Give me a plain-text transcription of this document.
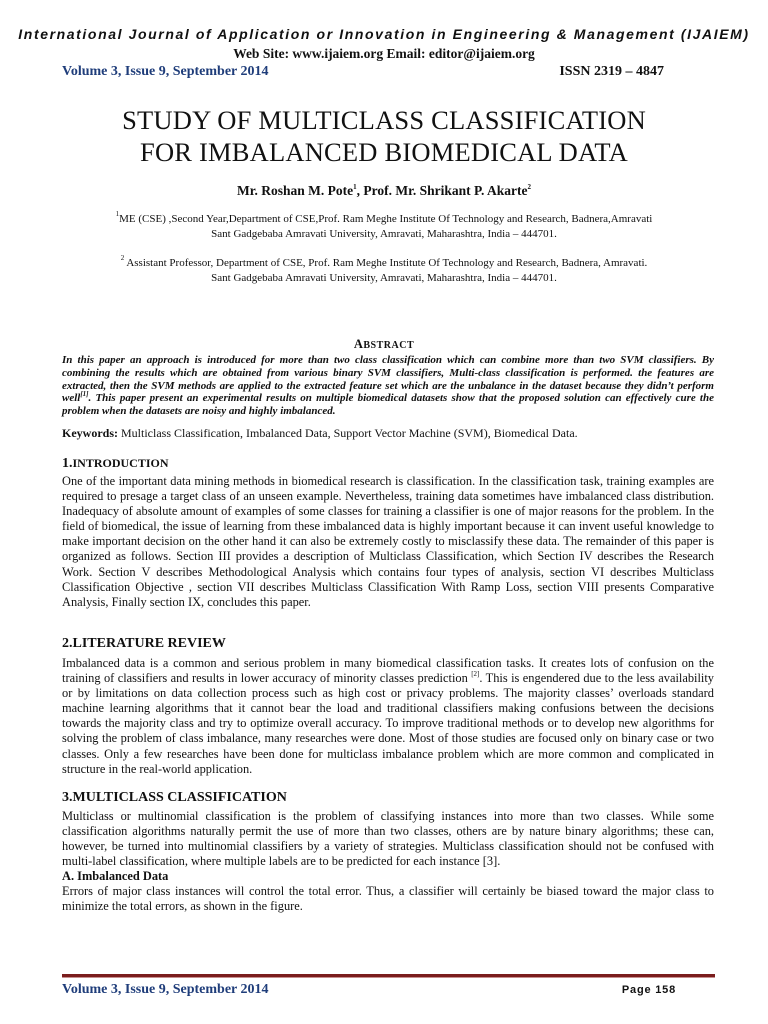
International Journal of Application or Innovation in Engineering & Management (IJAIEM)
Web Site: www.ijaiem.org Email: editor@ijaiem.org
Volume 3, Issue 9, September 2014	ISSN 2319 – 4847
STUDY OF MULTICLASS CLASSIFICATION
FOR IMBALANCED BIOMEDICAL DATA
Mr. Roshan M. Pote$^1$, Prof. Mr. Shrikant P. Akarte$^2$
$^1$ME (CSE) ,Second Year,Department of CSE,Prof. Ram Meghe Institute Of Technology and Research, Badnera,Amravati
Sant Gadgebaba Amravati University, Amravati, Maharashtra, India – 444701.
$^2$ Assistant Professor, Department of CSE, Prof. Ram Meghe Institute Of Technology and Research, Badnera, Amravati.
Sant Gadgebaba Amravati University, Amravati, Maharashtra, India – 444701.
ABSTRACT
In this paper an approach is introduced for more than two class classification which can combine more than two SVM classifiers. By combining the results which are obtained from various binary SVM classifiers, Multi-class classification is performed. the features are extracted, then the SVM methods are applied to the extracted feature set which are the unbalance in the dataset because they didn’t perform well[1]. This paper present an experimental results on multiple biomedical datasets show that the proposed solution can effectively cure the problem when the datasets are noisy and highly imbalanced.
Keywords: Multiclass Classification, Imbalanced Data, Support Vector Machine (SVM), Biomedical Data.
1.INTRODUCTION
One of the important data mining methods in biomedical research is classification. In the classification task, training examples are required to presage a target class of an unseen example. Nevertheless, training data sometimes have imbalanced class distribution. Inadequacy of absolute amount of examples of some classes for training a classifier is one of major reasons for the problem. In the field of biomedical, the issue of learning from these imbalanced data is highly important because it can invent useful knowledge to make important decision on the other hand it can also be extremely costly to misclassify these data. The remainder of this paper is organized as follows. Section III provides a description of Multiclass Classification, which Section IV describes the Research Work. Section V describes Methodological Analysis which contains four types of analysis, section VI describes Multiclass Classification Objective , section VII describes Multiclass Classification With Ramp Loss, section VIII presents Comparative Analysis, Finally section IX, concludes this paper.
2.LITERATURE REVIEW
Imbalanced data is a common and serious problem in many biomedical classification tasks. It creates lots of confusion on the training of classifiers and results in lower accuracy of minority classes prediction [2]. This is engendered due to the less availability or by limitations on data collection process such as high cost or privacy problems. The majority classes’ overloads standard machine learning algorithms that it cannot bear the load and traditional classifiers making confusions between the decisions towards the majority class and try to optimize overall accuracy. To improve traditional methods or to develop new algorithms for solving the problem of class imbalance, many researches were done. Most of those studies are focused only on binary case or two classes. Only a few researches have been done for multiclass imbalance problem which are more common and complicated in structure in the real-world application.
3.MULTICLASS CLASSIFICATION
Multiclass or multinomial classification is the problem of classifying instances into more than two classes. While some classification algorithms naturally permit the use of more than two classes, others are by nature binary algorithms; these can, however, be turned into multinomial classifiers by a variety of strategies. Multiclass classification should not be confused with multi-label classification, where multiple labels are to be predicted for each instance [3].
A. Imbalanced Data
Errors of major class instances will control the total error. Thus, a classifier will certainly be biased toward the major class to minimize the total errors, as shown in the figure.
Volume 3, Issue 9, September 2014	Page 158
